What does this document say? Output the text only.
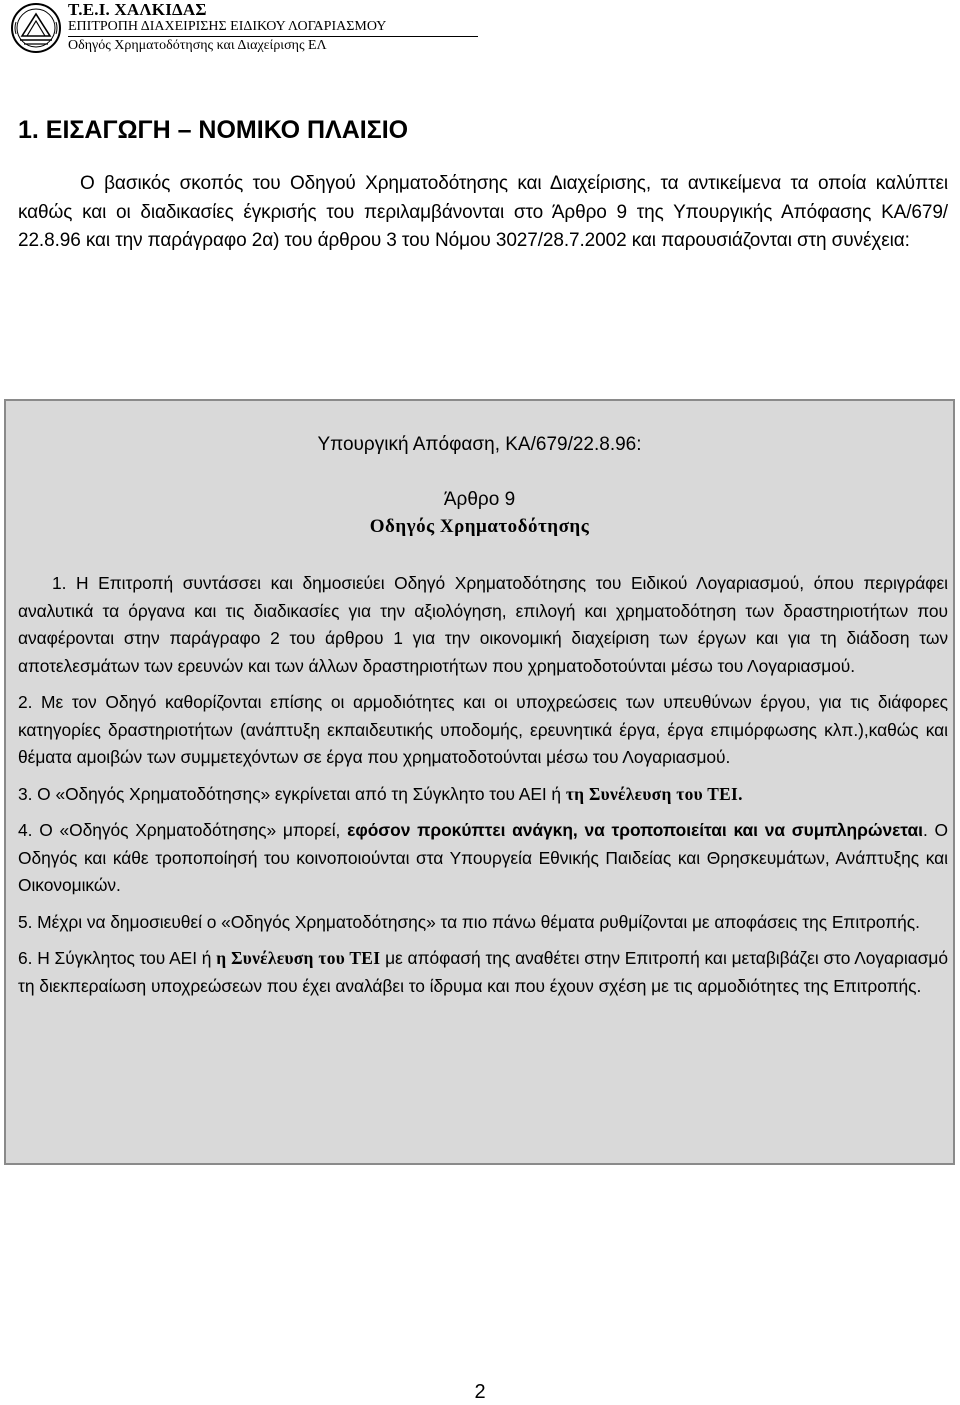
Τ.Ε.Ι. ΧΑΛΚΙΔΑΣ
ΕΠΙΤΡΟΠΗ ΔΙΑΧΕΙΡΙΣΗΣ ΕΙΔΙΚΟΥ ΛΟΓΑΡΙΑΣΜΟΥ
Οδηγός Χρηματοδότησης και Διαχείρισης ΕΛ
1. ΕΙΣΑΓΩΓΗ – ΝΟΜΙΚΟ ΠΛΑΙΣΙΟ

Ο βασικός σκοπός του Οδηγού Χρηματοδότησης και Διαχείρισης, τα αντικείμενα τα οποία καλύπτει καθώς και οι διαδικασίες έγκρισής του περιλαμβάνονται στο Άρθρο 9 της Υπουργικής Απόφασης ΚΑ/679/ 22.8.96 και την παράγραφο 2α) του άρθρου 3 του Νόμου 3027/28.7.2002 και παρουσιάζονται στη συνέχεια:

Υπουργική Απόφαση, ΚΑ/679/22.8.96:
Άρθρο 9
Οδηγός Χρηματοδότησης
1. Η Επιτροπή συντάσσει και δημοσιεύει Οδηγό Χρηματοδότησης του Ειδικού Λογαριασμού, όπου περιγράφει αναλυτικά τα όργανα και τις διαδικασίες για την αξιολόγηση, επιλογή και χρηματοδότηση των δραστηριοτήτων που αναφέρονται στην παράγραφο 2 του άρθρου 1 για την οικονομική διαχείριση των έργων και για τη διάδοση των αποτελεσμάτων των ερευνών και των άλλων δραστηριοτήτων που χρηματοδοτούνται μέσω του Λογαριασμού.
2. Με τον Οδηγό καθορίζονται επίσης οι αρμοδιότητες και οι υποχρεώσεις των υπευθύνων έργου, για τις διάφορες κατηγορίες δραστηριοτήτων (ανάπτυξη εκπαιδευτικής υποδομής, ερευνητικά έργα, έργα επιμόρφωσης κλπ.),καθώς και θέματα αμοιβών των συμμετεχόντων σε έργα που χρηματοδοτούνται μέσω του Λογαριασμού.
3. Ο «Οδηγός Χρηματοδότησης» εγκρίνεται από τη Σύγκλητο του ΑΕΙ ή τη Συνέλευση του ΤΕΙ.
4. Ο «Οδηγός Χρηματοδότησης» μπορεί, εφόσον προκύπτει ανάγκη, να τροποποιείται και να συμπληρώνεται. Ο Οδηγός και κάθε τροποποίησή του κοινοποιούνται στα Υπουργεία Εθνικής Παιδείας και Θρησκευμάτων, Ανάπτυξης και Οικονομικών.
5. Μέχρι να δημοσιευθεί ο «Οδηγός Χρηματοδότησης» τα πιο πάνω θέματα ρυθμίζονται με αποφάσεις της Επιτροπής.
6. Η Σύγκλητος του ΑΕΙ ή η Συνέλευση του ΤΕΙ με απόφασή της αναθέτει στην Επιτροπή και μεταβιβάζει στο Λογαριασμό τη διεκπεραίωση υποχρεώσεων που έχει αναλάβει το ίδρυμα και που έχουν σχέση με τις αρμοδιότητες της Επιτροπής.
2
